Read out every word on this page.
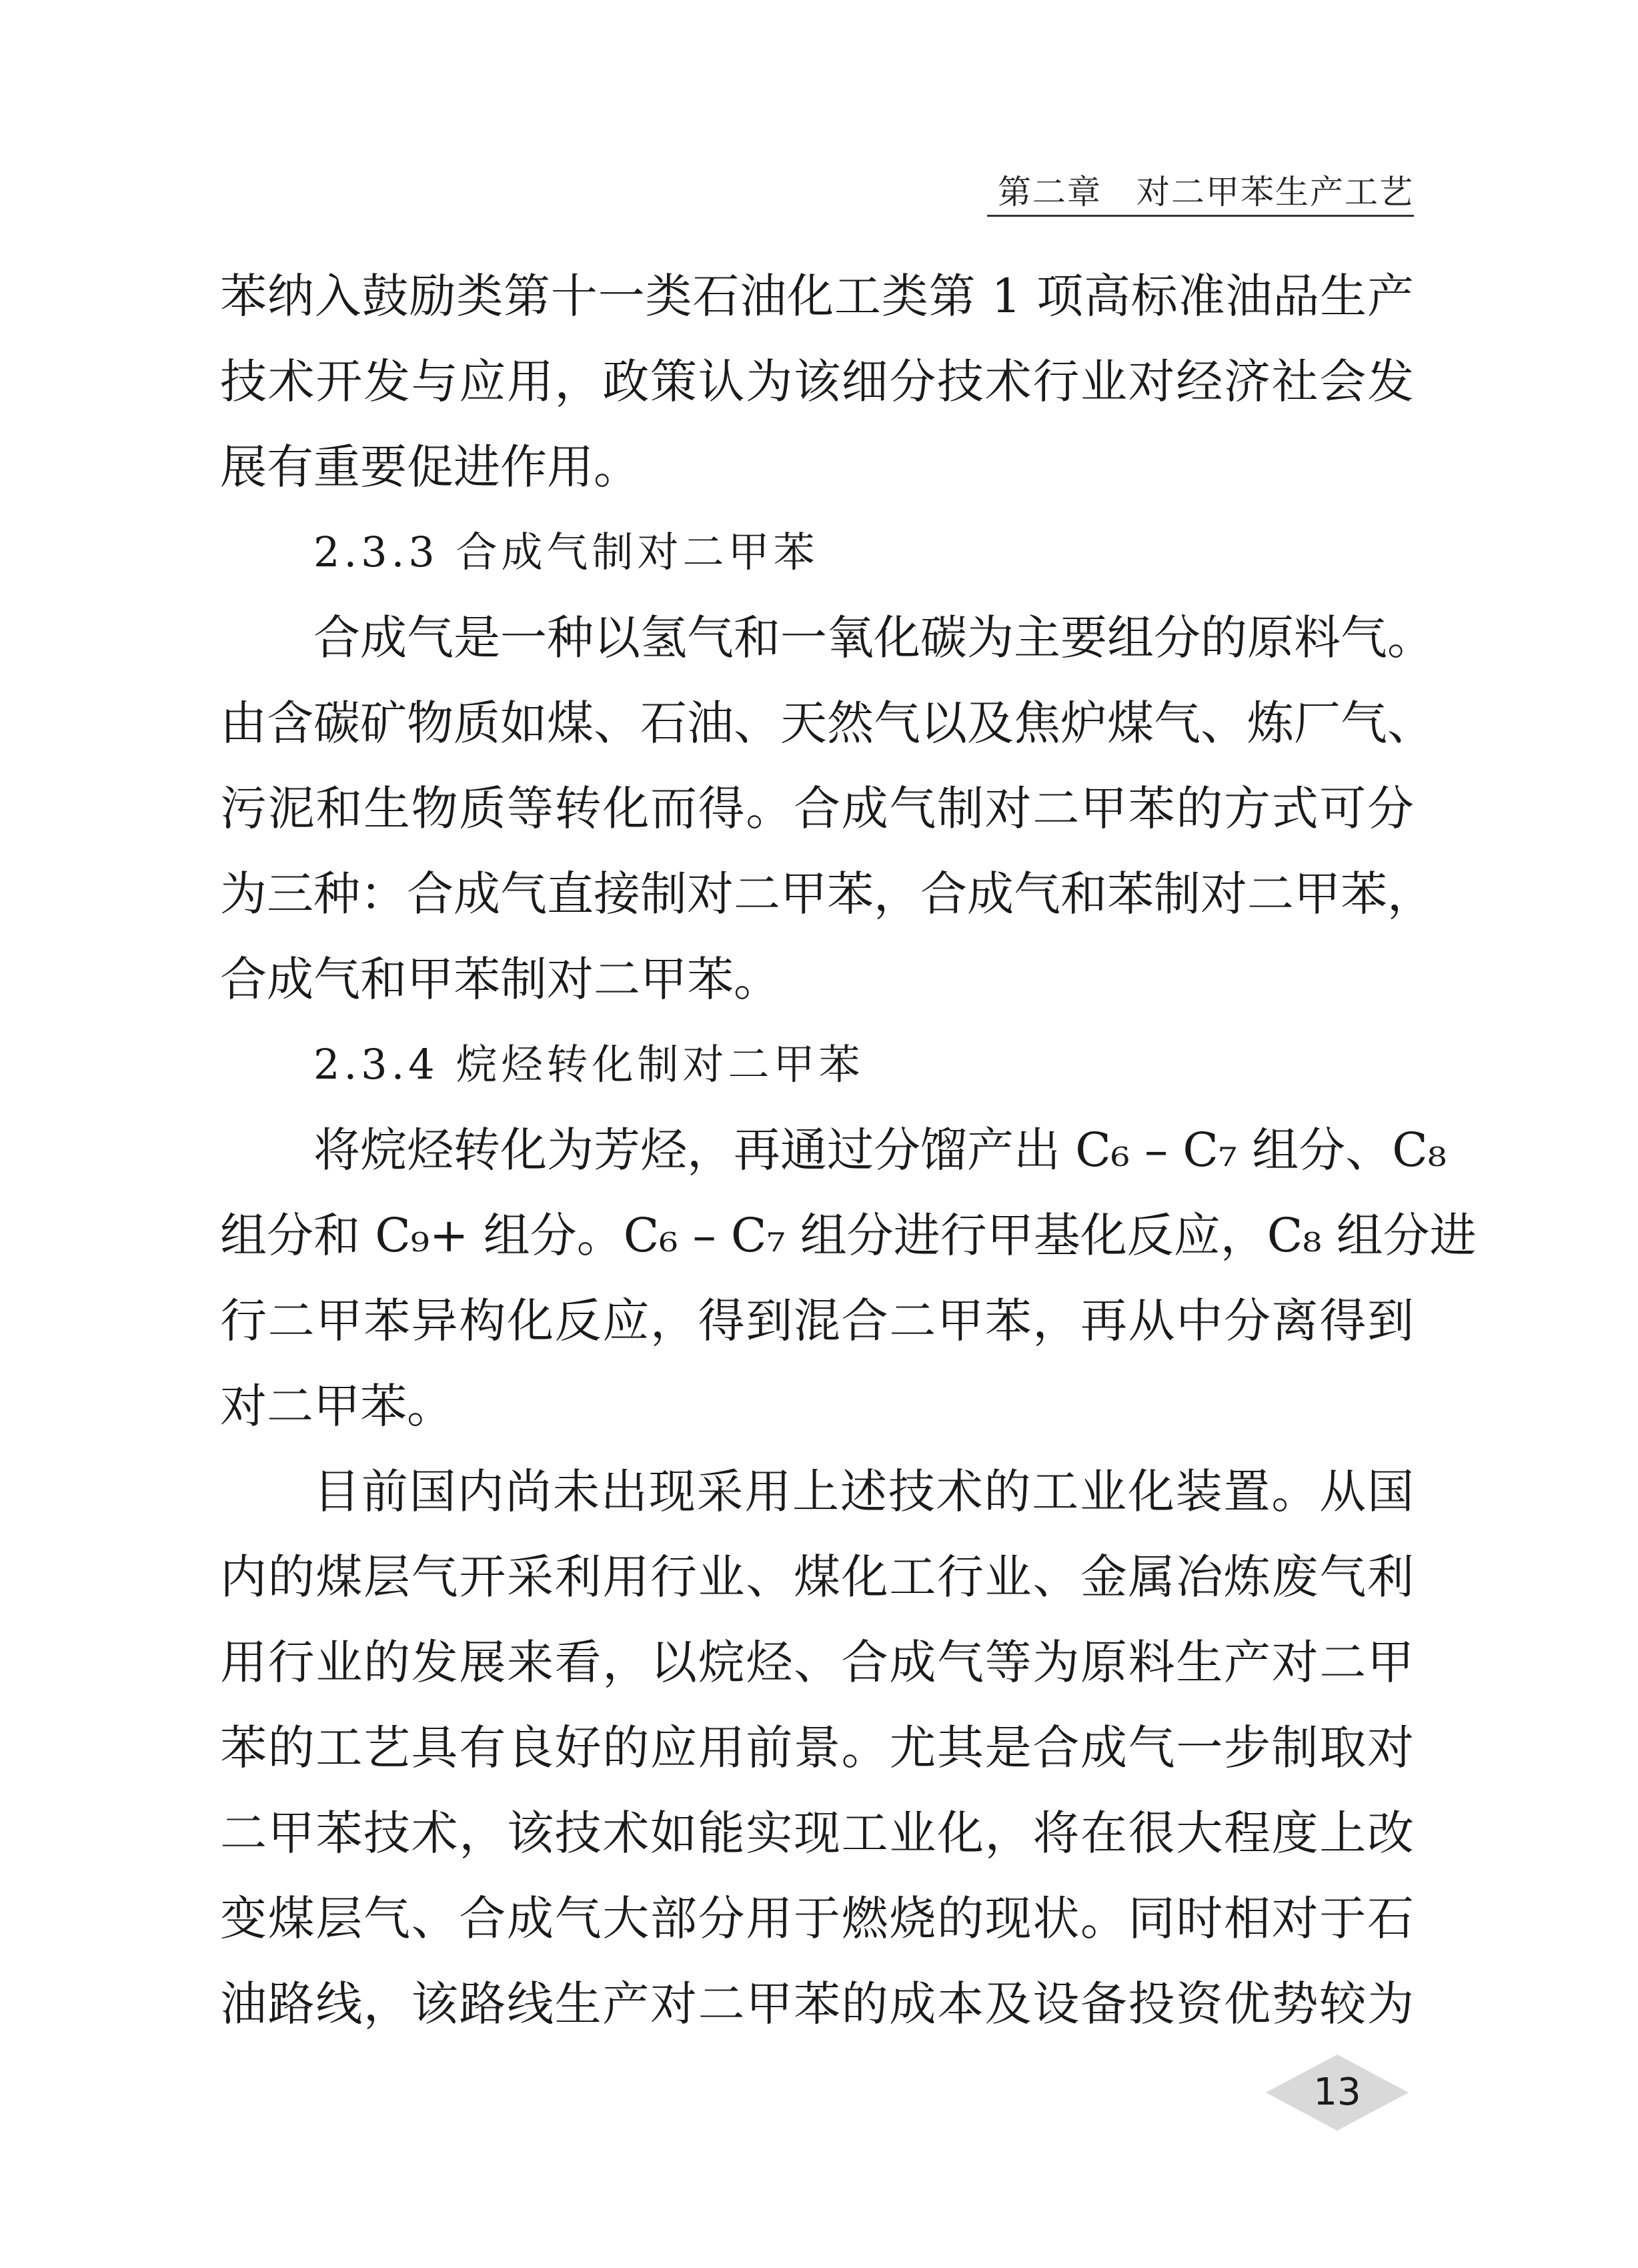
第二章　对二甲苯生产工艺
苯纳入鼓励类第十一类石油化工类第 1 项高标准油品生产
技术开发与应用，政策认为该细分技术行业对经济社会发
展有重要促进作用。
2.3.3 合成气制对二甲苯
合成气是一种以氢气和一氧化碳为主要组分的原料气。
由含碳矿物质如煤、石油、天然气以及焦炉煤气、炼厂气、
污泥和生物质等转化而得。合成气制对二甲苯的方式可分
为三种：合成气直接制对二甲苯，合成气和苯制对二甲苯，
合成气和甲苯制对二甲苯。
2.3.4 烷烃转化制对二甲苯
将烷烃转化为芳烃，再通过分馏产出 C₆ – C₇ 组分、C₈
组分和 C₉+ 组分。C₆ – C₇ 组分进行甲基化反应，C₈ 组分进
行二甲苯异构化反应，得到混合二甲苯，再从中分离得到
对二甲苯。
目前国内尚未出现采用上述技术的工业化装置。从国
内的煤层气开采利用行业、煤化工行业、金属冶炼废气利
用行业的发展来看，以烷烃、合成气等为原料生产对二甲
苯的工艺具有良好的应用前景。尤其是合成气一步制取对
二甲苯技术，该技术如能实现工业化，将在很大程度上改
变煤层气、合成气大部分用于燃烧的现状。同时相对于石
油路线，该路线生产对二甲苯的成本及设备投资优势较为
13
